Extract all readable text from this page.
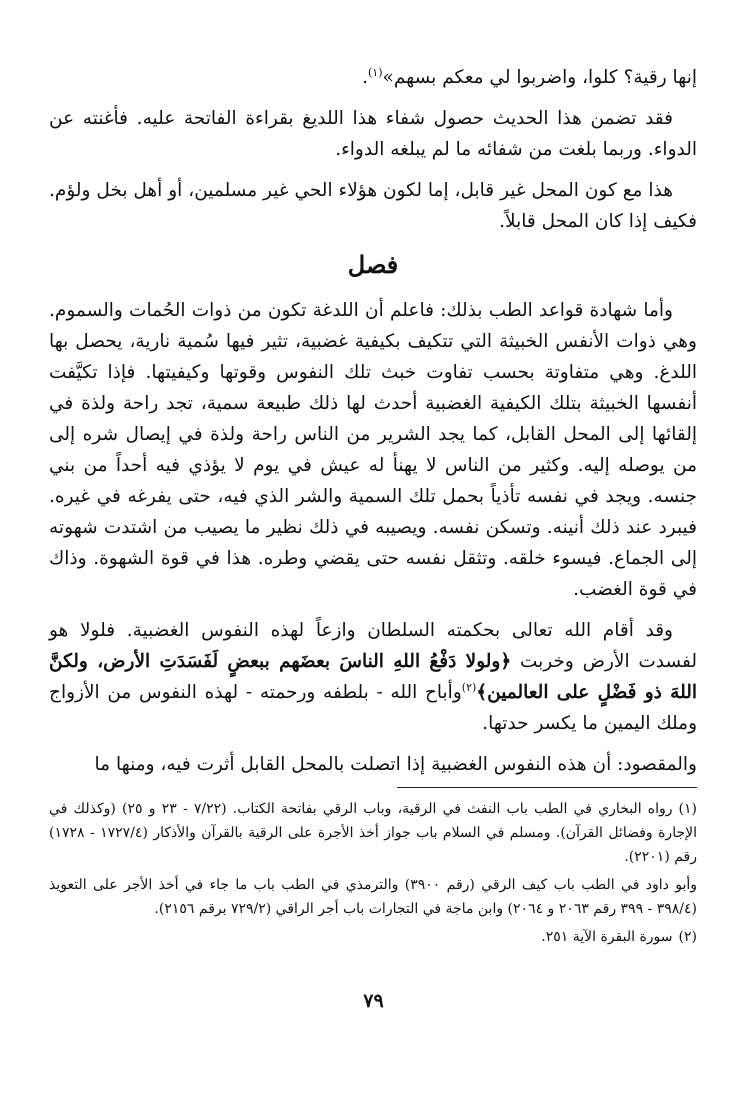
إنها رقية؟ كلوا، واضربوا لي معكم بسهم»$^{(١)}$.

فقد تضمن هذا الحديث حصول شفاء هذا اللديغ بقراءة الفاتحة عليه. فأغنته عن الدواء. وربما بلغت من شفائه ما لم يبلغه الدواء.

هذا مع كون المحل غير قابل، إما لكون هؤلاء الحي غير مسلمين، أو أهل بخل ولؤم. فكيف إذا كان المحل قابلاً.

فصل

وأما شهادة قواعد الطب بذلك: فاعلم أن اللدغة تكون من ذوات الحُمات والسموم. وهي ذوات الأنفس الخبيثة التي تتكيف بكيفية غضبية، تثير فيها سُمية نارية، يحصل بها اللدغ. وهي متفاوتة بحسب تفاوت خبث تلك النفوس وقوتها وكيفيتها. فإذا تكيَّفت أنفسها الخبيثة بتلك الكيفية الغضبية أحدث لها ذلك طبيعة سمية، تجد راحة ولذة في إلقائها إلى المحل القابل، كما يجد الشرير من الناس راحة ولذة في إيصال شره إلى من يوصله إليه. وكثير من الناس لا يهنأ له عيش في يوم لا يؤذي فيه أحداً من بني جنسه. ويجد في نفسه تأذياً بحمل تلك السمية والشر الذي فيه، حتى يفرغه في غيره. فيبرد عند ذلك أنينه. وتسكن نفسه. ويصيبه في ذلك نظير ما يصيب من اشتدت شهوته إلى الجماع. فيسوء خلقه. وتثقل نفسه حتى يقضي وطره. هذا في قوة الشهوة. وذاك في قوة الغضب.

وقد أقام الله تعالى بحكمته السلطان وازعاً لهذه النفوس الغضبية. فلولا هو لفسدت الأرض وخربت ﴿ولولا دَفْعُ اللهِ الناسَ بعضَهم ببعضٍ لَفَسَدَتِ الأرض، ولكنَّ اللهَ ذو فَضْلٍ على العالمين﴾$^{(٢)}$وأباح الله - بلطفه ورحمته - لهذه النفوس من الأزواج وملك اليمين ما يكسر حدتها.

والمقصود: أن هذه النفوس الغضبية إذا اتصلت بالمحل القابل أثرت فيه، ومنها ما

(١)رواه البخاري في الطب باب النفث في الرقية، وباب الرقي بفاتحة الكتاب. (٧/٢٢ - ٢٣ و ٢٥) (وكذلك في الإجارة وفضائل القرآن). ومسلم في السلام باب جواز أخذ الأجرة على الرقية بالقرآن والأذكار (١٧٢٧/٤ - ١٧٢٨) رقم (٢٢٠١).

وأبو داود في الطب باب كيف الرقي (رقم ٣٩٠٠) والترمذي في الطب باب ما جاء في أخذ الأجر على التعويذ (٣٩٨/٤ - ٣٩٩ رقم ٢٠٦٣ و ٢٠٦٤) وابن ماجة في التجارات باب أجر الراقي (٧٢٩/٢ برقم ٢١٥٦).

(٢)سورة البقرة الآية ٢٥١.

٧٩
